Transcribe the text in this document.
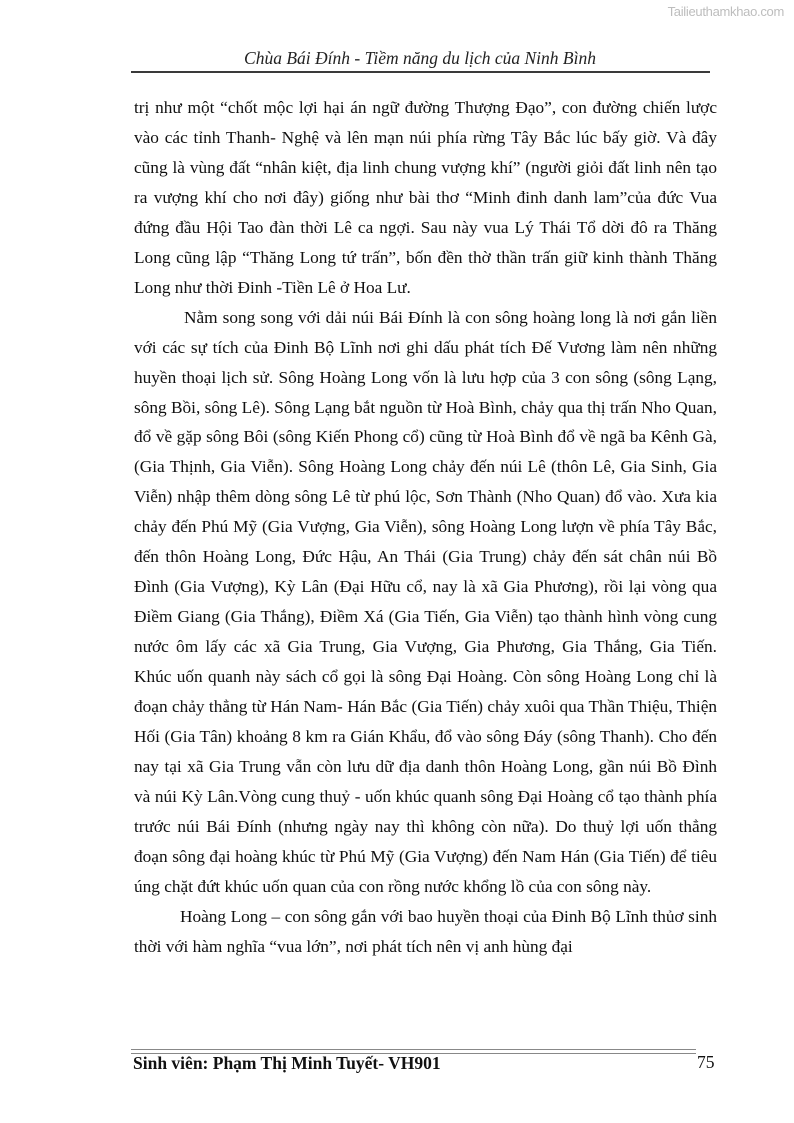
Tailieuthamkhao.com
Chùa Bái Đính - Tiềm năng du lịch của Ninh Bình

trị như một “chốt mộc lợi hại án ngữ đường Thượng Đạo”, con đường chiến lược vào các tỉnh Thanh- Nghệ và lên mạn núi phía rừng Tây Bắc lúc bấy giờ. Và đây cũng là vùng đất “nhân kiệt, địa linh chung vượng khí” (người giỏi đất linh nên tạo ra vượng khí cho nơi đây) giống như bài thơ “Minh đinh danh lam”của đức Vua đứng đầu Hội Tao đàn thời Lê ca ngợi. Sau này vua Lý Thái Tổ dời đô ra Thăng Long cũng lập “Thăng Long tứ trấn”, bốn đền thờ thần trấn giữ kinh thành Thăng Long như thời Đinh -Tiền Lê ở Hoa Lư.

Nằm song song với dải núi Bái Đính là con sông hoàng long là nơi gắn liền với các sự tích của Đinh Bộ Lĩnh nơi ghi dấu phát tích Đế Vương làm nên những huyền thoại lịch sử. Sông Hoàng Long vốn là lưu hợp của 3 con sông (sông Lạng, sông Bồi, sông Lê). Sông Lạng bắt nguồn từ Hoà Bình, chảy qua thị trấn Nho Quan, đổ về gặp sông Bôi (sông Kiến Phong cổ) cũng từ Hoà Bình đổ về ngã ba Kênh Gà, (Gia Thịnh, Gia Viễn). Sông Hoàng Long chảy đến núi Lê (thôn Lê, Gia Sinh, Gia Viễn) nhập thêm dòng sông Lê từ phú lộc, Sơn Thành (Nho Quan) đổ vào. Xưa kia chảy đến Phú Mỹ (Gia Vượng, Gia Viễn), sông Hoàng Long lượn về phía Tây Bắc, đến thôn Hoàng Long, Đức Hậu, An Thái (Gia Trung) chảy đến sát chân núi Bồ Đình (Gia Vượng), Kỳ Lân (Đại Hữu cổ, nay là xã Gia Phương), rồi lại vòng qua Điềm Giang (Gia Thắng), Điềm Xá (Gia Tiến, Gia Viễn) tạo thành hình vòng cung nước ôm lấy các xã Gia Trung, Gia Vượng, Gia Phương, Gia Thắng, Gia Tiến. Khúc uốn quanh này sách cổ gọi là sông Đại Hoàng. Còn sông Hoàng Long chỉ là đoạn chảy thẳng từ Hán Nam- Hán Bắc (Gia Tiến) chảy xuôi qua Thần Thiệu, Thiện Hối (Gia Tân) khoảng 8 km ra Gián Khẩu, đổ vào sông Đáy (sông Thanh). Cho đến nay tại xã Gia Trung vẫn còn lưu dữ địa danh thôn Hoàng Long, gần núi Bồ Đình và núi Kỳ Lân.Vòng cung thuỷ - uốn khúc quanh sông Đại Hoàng cổ tạo thành phía trước núi Bái Đính (nhưng ngày nay thì không còn nữa). Do thuỷ lợi uốn thẳng đoạn sông đại hoàng khúc từ Phú Mỹ (Gia Vượng) đến Nam Hán (Gia Tiến) để tiêu úng chặt đứt khúc uốn quan của con rồng nước khổng lồ của con sông này.

Hoàng Long – con sông gắn với bao huyền thoại của Đinh Bộ Lĩnh thủơ sinh thời với hàm nghĩa “vua lớn”, nơi phát tích nên vị anh hùng đại

Sinh viên: Phạm Thị Minh Tuyết- VH901	75
